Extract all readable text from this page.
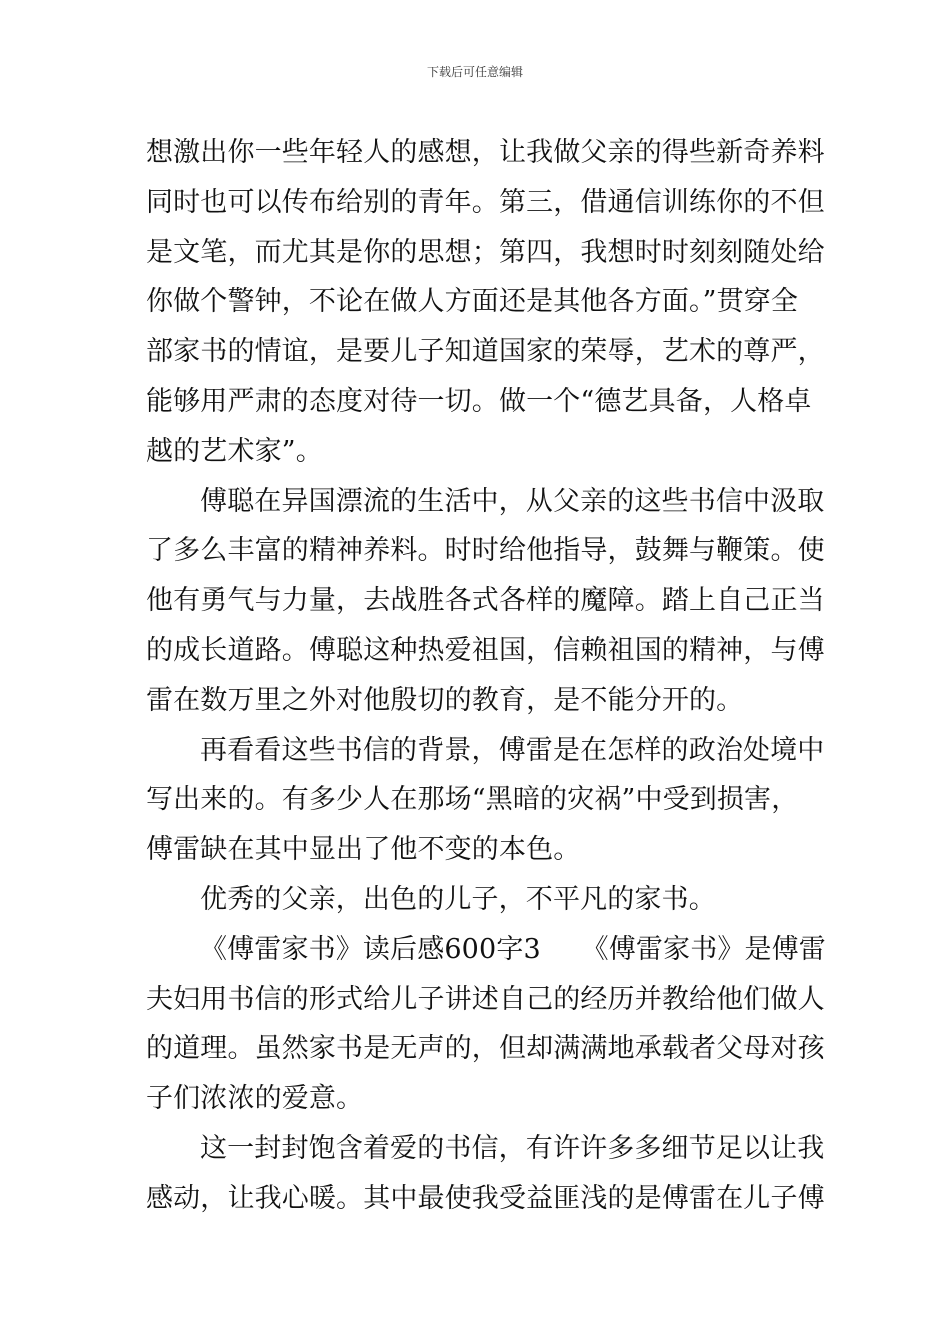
下载后可任意编辑
想激出你一些年轻人的感想，让我做父亲的得些新奇养料
同时也可以传布给别的青年。第三，借通信训练你的不但
是文笔，而尤其是你的思想；第四，我想时时刻刻随处给
你做个警钟，不论在做人方面还是其他各方面。”贯穿全
部家书的情谊，是要儿子知道国家的荣辱，艺术的尊严，
能够用严肃的态度对待一切。做一个“德艺具备，人格卓
越的艺术家”。
傅聪在异国漂流的生活中，从父亲的这些书信中汲取
了多么丰富的精神养料。时时给他指导，鼓舞与鞭策。使
他有勇气与力量，去战胜各式各样的魔障。踏上自己正当
的成长道路。傅聪这种热爱祖国，信赖祖国的精神，与傅
雷在数万里之外对他殷切的教育，是不能分开的。
再看看这些书信的背景，傅雷是在怎样的政治处境中
写出来的。有多少人在那场“黑暗的灾祸”中受到损害，
傅雷缺在其中显出了他不变的本色。
优秀的父亲，出色的儿子，不平凡的家书。
《傅雷家书》读后感600字3　　《傅雷家书》是傅雷
夫妇用书信的形式给儿子讲述自己的经历并教给他们做人
的道理。虽然家书是无声的，但却满满地承载者父母对孩
子们浓浓的爱意。
这一封封饱含着爱的书信，有许许多多细节足以让我
感动，让我心暖。其中最使我受益匪浅的是傅雷在儿子傅
